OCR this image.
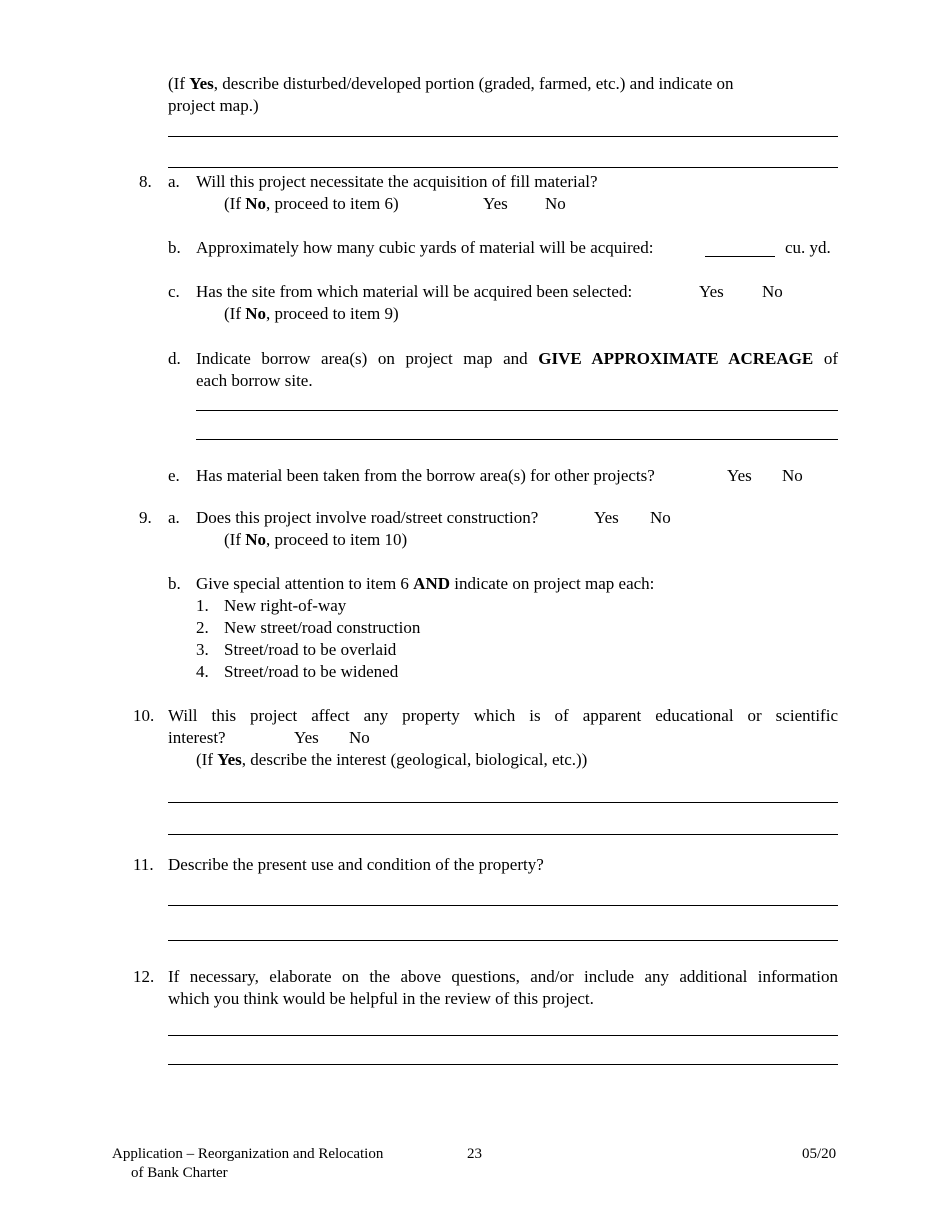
(If Yes, describe disturbed/developed portion (graded, farmed, etc.) and indicate on
project map.)
8. a. Will this project necessitate the acquisition of fill material?
(If No, proceed to item 6)	Yes No
b. Approximately how many cubic yards of material will be acquired:	cu. yd.
c. Has the site from which material will be acquired been selected:	Yes No
(If No, proceed to item 9)
d. Indicate borrow area(s) on project map and GIVE APPROXIMATE ACREAGE of
each borrow site.
e. Has material been taken from the borrow area(s) for other projects?	Yes No
9. a. Does this project involve road/street construction?	Yes No
(If No, proceed to item 10)
b. Give special attention to item 6 AND indicate on project map each:
1. New right-of-way
2. New street/road construction
3. Street/road to be overlaid
4. Street/road to be widened
10. Will this project affect any property which is of apparent educational or scientific
interest?	Yes No
(If Yes, describe the interest (geological, biological, etc.))
11. Describe the present use and condition of the property?
12. If necessary, elaborate on the above questions, and/or include any additional information
which you think would be helpful in the review of this project.
Application – Reorganization and Relocation
of Bank Charter
23	05/20
